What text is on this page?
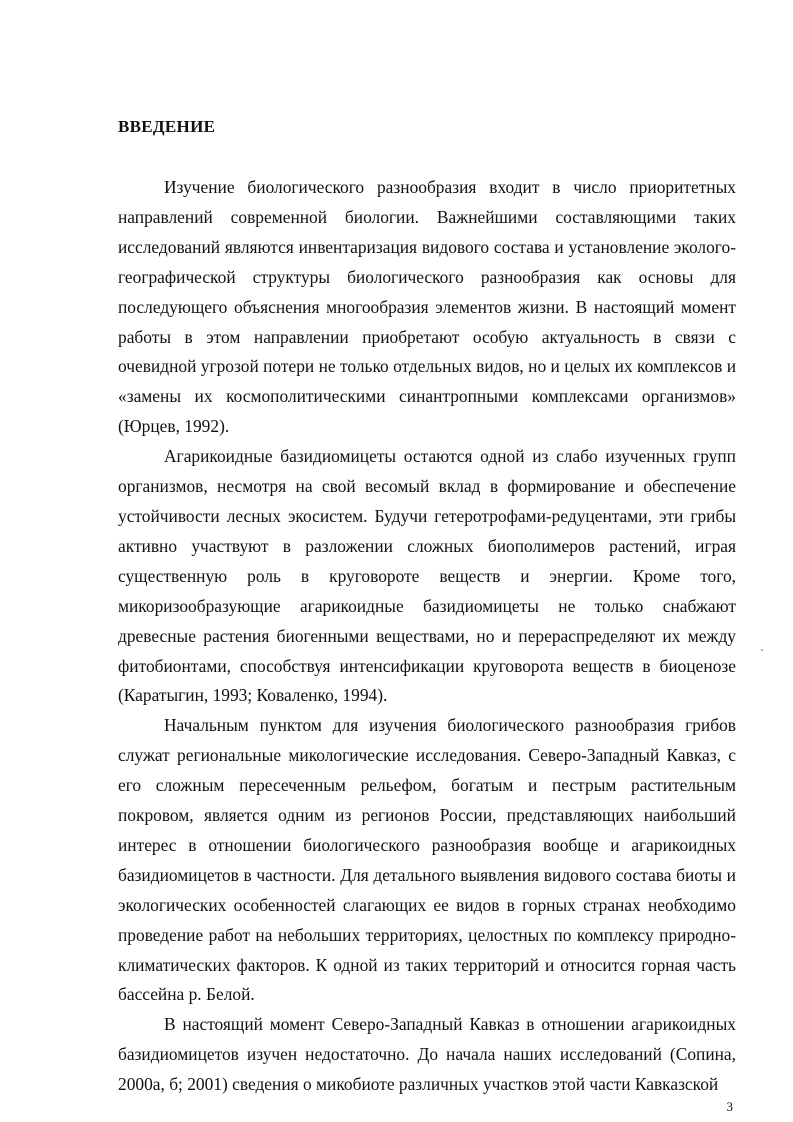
ВВЕДЕНИЕ

Изучение биологического разнообразия входит в число приоритетных направлений современной биологии. Важнейшими составляющими таких исследований являются инвентаризация видового состава и установление эколого-географической структуры биологического разнообразия как основы для последующего объяснения многообразия элементов жизни. В настоящий момент работы в этом направлении приобретают особую актуальность в связи с очевидной угрозой потери не только отдельных видов, но и целых их комплексов и «замены их космополитическими синантропными комплексами организмов» (Юрцев, 1992).

Агарикоидные базидиомицеты остаются одной из слабо изученных групп организмов, несмотря на свой весомый вклад в формирование и обеспечение устойчивости лесных экосистем. Будучи гетеротрофами-редуцентами, эти грибы активно участвуют в разложении сложных биополимеров растений, играя существенную роль в круговороте веществ и энергии. Кроме того, микоризообразующие агарикоидные базидиомицеты не только снабжают древесные растения биогенными веществами, но и перераспределяют их между фитобионтами, способствуя интенсификации круговорота веществ в биоценозе (Каратыгин, 1993; Коваленко, 1994).

Начальным пунктом для изучения биологического разнообразия грибов служат региональные микологические исследования. Северо-Западный Кавказ, с его сложным пересеченным рельефом, богатым и пестрым растительным покровом, является одним из регионов России, представляющих наибольший интерес в отношении биологического разнообразия вообще и агарикоидных базидиомицетов в частности. Для детального выявления видового состава биоты и экологических особенностей слагающих ее видов в горных странах необходимо проведение работ на небольших территориях, целостных по комплексу природно-климатических факторов. К одной из таких территорий и относится горная часть бассейна р. Белой.

В настоящий момент Северо-Западный Кавказ в отношении агарикоидных базидиомицетов изучен недостаточно. До начала наших исследований (Сопина, 2000а, б; 2001) сведения о микобиоте различных участков этой части Кавказской

3
